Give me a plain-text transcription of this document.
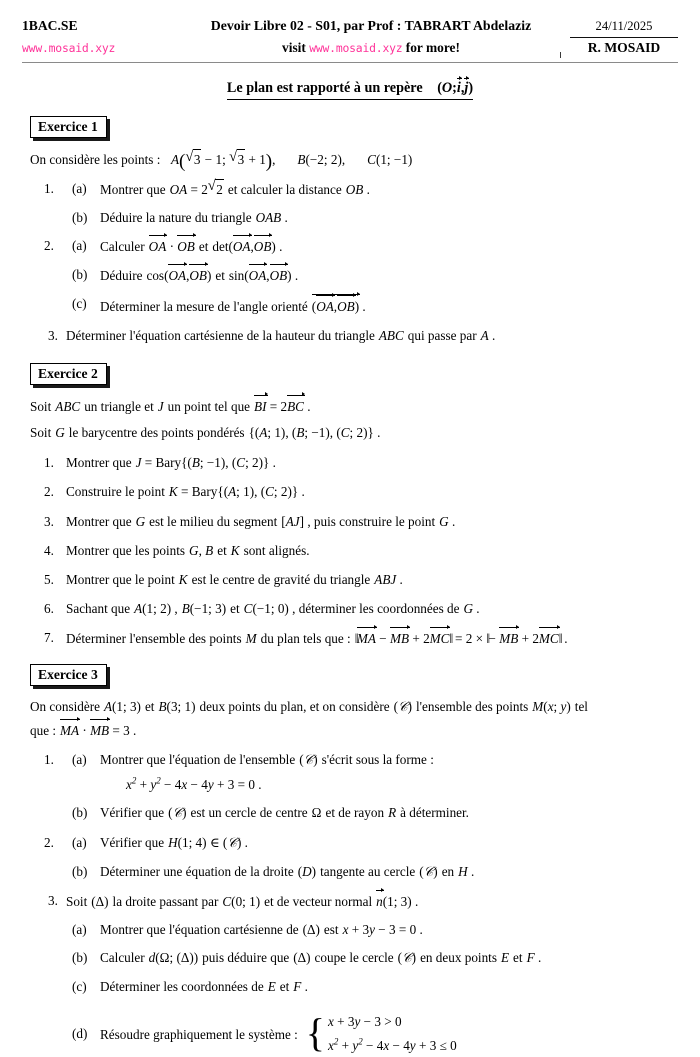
1BAC.SE	Devoir Libre 02 - S01, par Prof : TABRART Abdelaziz	24/11/2025
www.mosaid.xyz	visit www.mosaid.xyz for more!	R. MOSAID
Le plan est rapporté à un repère (O;i,j)
Exercice 1
On considère les points : A( √ 3 − 1; √ 3 + 1), B(−2; 2), C(1; −1)
1.	(a)	Montrer que OA = 2 √ 2 et calculer la distance OB .
(b) Déduire la nature du triangle OAB .
2.	(a)	Calculer OA · OB et det(OA,OB) .
(b) Déduire cos(OA,OB) et sin(OA,OB) .
(c)	Déterminer la mesure de l'angle orienté (OA,OB) .
3. Déterminer l'équation cartésienne de la hauteur du triangle ABC qui passe par A .
Exercice 2
Soit ABC un triangle et J un point tel que BI = 2BC .
Soit G le barycentre des points pondérés {(A; 1), (B; −1), (C; 2)} .
1. Montrer que J = Bary{(B; −1), (C; 2)} .
2. Construire le point K = Bary{(A; 1), (C; 2)} .
3. Montrer que G est le milieu du segment [AJ] , puis construire le point G .
4. Montrer que les points G, B et K sont alignés.
5. Montrer que le point K est le centre de gravité du triangle ABJ .
6. Sachant que A(1; 2) , B(−1; 3) et C(−1; 0) , déterminer les coordonnées de G .
7. Déterminer l'ensemble des points M du plan tels que : ‖MA − MB + 2MC‖ = 2 × ‖− MB + 2MC‖ .
Exercice 3
On considère A(1; 3) et B(3; 1) deux points du plan, et on considère (𝒞) l'ensemble des points M(x; y) tel
que : MA · MB = 3 .
1.	(a)	Montrer que l'équation de l'ensemble (𝒞) s'écrit sous la forme :
$x^2 + y^2 - 4x - 4y + 3 = 0$ .
(b) Vérifier que (𝒞) est un cercle de centre Ω et de rayon R à déterminer.
2.	(a)	Vérifier que H(1; 4) ∈ (𝒞) .
(b) Déterminer une équation de la droite (D) tangente au cercle (𝒞) en H .
3. Soit (Δ) la droite passant par C(0; 1) et de vecteur normal n(1; 3) .
(a)	Montrer que l'équation cartésienne de (Δ) est x + 3y − 3 = 0 .
(b) Calculer d(Ω; (Δ)) puis déduire que (Δ) coupe le cercle (𝒞) en deux points E et F .
(c)	Déterminer les coordonnées de E et F .
(d) Résoudre graphiquement le système : { x + 3y − 3 > 0
$x^2 + y^2 - 4x - 4y + 3 \le 0$
